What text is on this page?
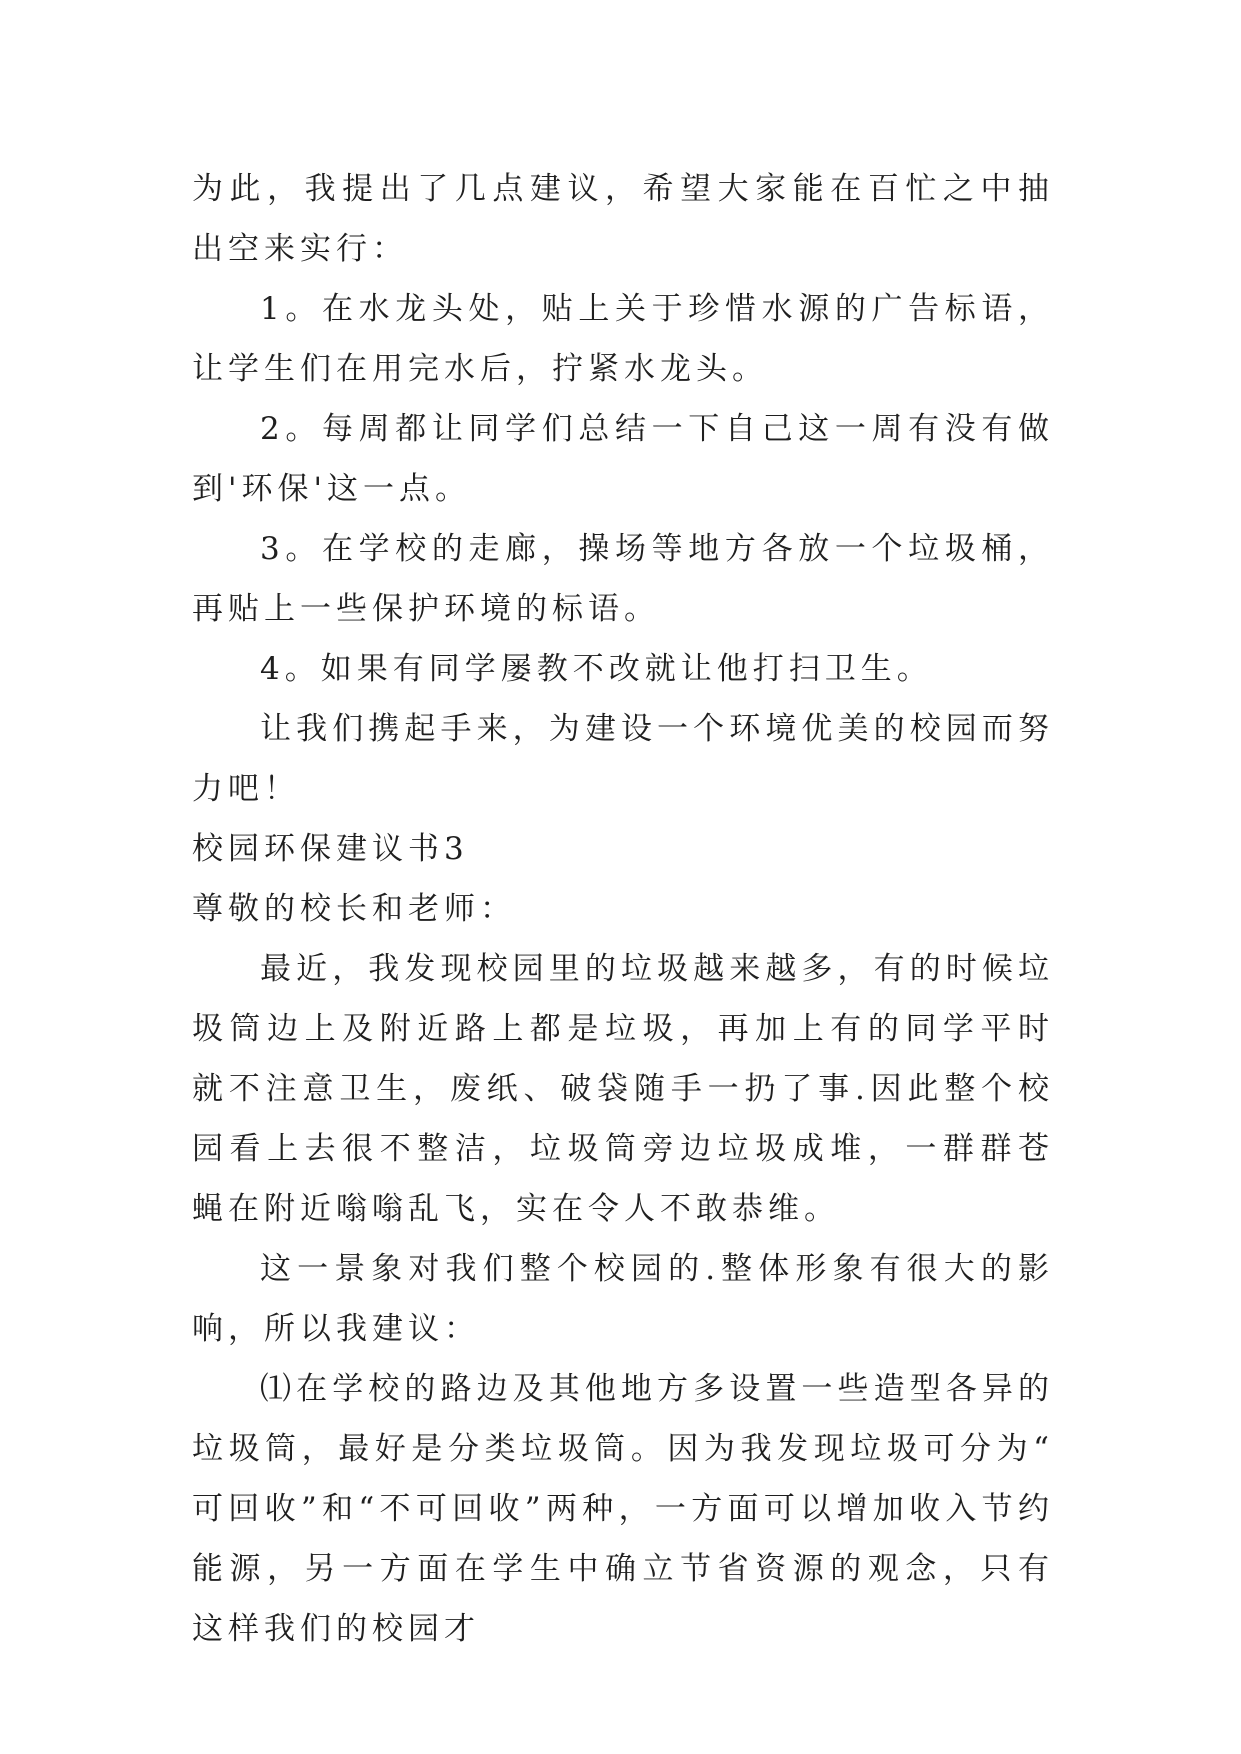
为此，我提出了几点建议，希望大家能在百忙之中抽出空来实行：

1。在水龙头处，贴上关于珍惜水源的广告标语，让学生们在用完水后，拧紧水龙头。

2。每周都让同学们总结一下自己这一周有没有做到'环保'这一点。

3。在学校的走廊，操场等地方各放一个垃圾桶，再贴上一些保护环境的标语。

4。如果有同学屡教不改就让他打扫卫生。

让我们携起手来，为建设一个环境优美的校园而努力吧！

校园环保建议书3

尊敬的校长和老师：

最近，我发现校园里的垃圾越来越多，有的时候垃圾筒边上及附近路上都是垃圾，再加上有的同学平时就不注意卫生，废纸、破袋随手一扔了事.因此整个校园看上去很不整洁，垃圾筒旁边垃圾成堆，一群群苍蝇在附近嗡嗡乱飞，实在令人不敢恭维。

这一景象对我们整个校园的.整体形象有很大的影响，所以我建议：

⑴在学校的路边及其他地方多设置一些造型各异的垃圾筒，最好是分类垃圾筒。因为我发现垃圾可分为“可回收”和“不可回收”两种，一方面可以增加收入节约能源，另一方面在学生中确立节省资源的观念，只有这样我们的校园才
